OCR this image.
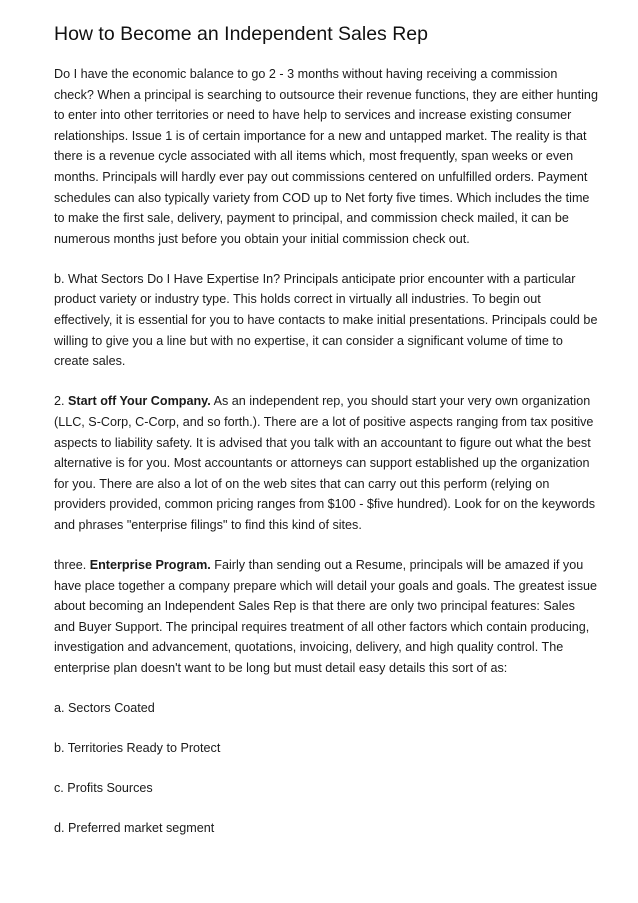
How to Become an Independent Sales Rep

Do I have the economic balance to go 2 - 3 months without having receiving a commission check? When a principal is searching to outsource their revenue functions, they are either hunting to enter into other territories or need to have help to services and increase existing consumer relationships. Issue 1 is of certain importance for a new and untapped market. The reality is that there is a revenue cycle associated with all items which, most frequently, span weeks or even months. Principals will hardly ever pay out commissions centered on unfulfilled orders. Payment schedules can also typically variety from COD up to Net forty five times. Which includes the time to make the first sale, delivery, payment to principal, and commission check mailed, it can be numerous months just before you obtain your initial commission check out.

b. What Sectors Do I Have Expertise In? Principals anticipate prior encounter with a particular product variety or industry type. This holds correct in virtually all industries. To begin out effectively, it is essential for you to have contacts to make initial presentations. Principals could be willing to give you a line but with no expertise, it can consider a significant volume of time to create sales.

2. Start off Your Company. As an independent rep, you should start your very own organization (LLC, S-Corp, C-Corp, and so forth.). There are a lot of positive aspects ranging from tax positive aspects to liability safety. It is advised that you talk with an accountant to figure out what the best alternative is for you. Most accountants or attorneys can support established up the organization for you. There are also a lot of on the web sites that can carry out this perform (relying on providers provided, common pricing ranges from $100 - $five hundred). Look for on the keywords and phrases "enterprise filings" to find this kind of sites.

three. Enterprise Program. Fairly than sending out a Resume, principals will be amazed if you have place together a company prepare which will detail your goals and goals. The greatest issue about becoming an Independent Sales Rep is that there are only two principal features: Sales and Buyer Support. The principal requires treatment of all other factors which contain producing, investigation and advancement, quotations, invoicing, delivery, and high quality control. The enterprise plan doesn't want to be long but must detail easy details this sort of as:

a. Sectors Coated

b. Territories Ready to Protect

c. Profits Sources

d. Preferred market segment
